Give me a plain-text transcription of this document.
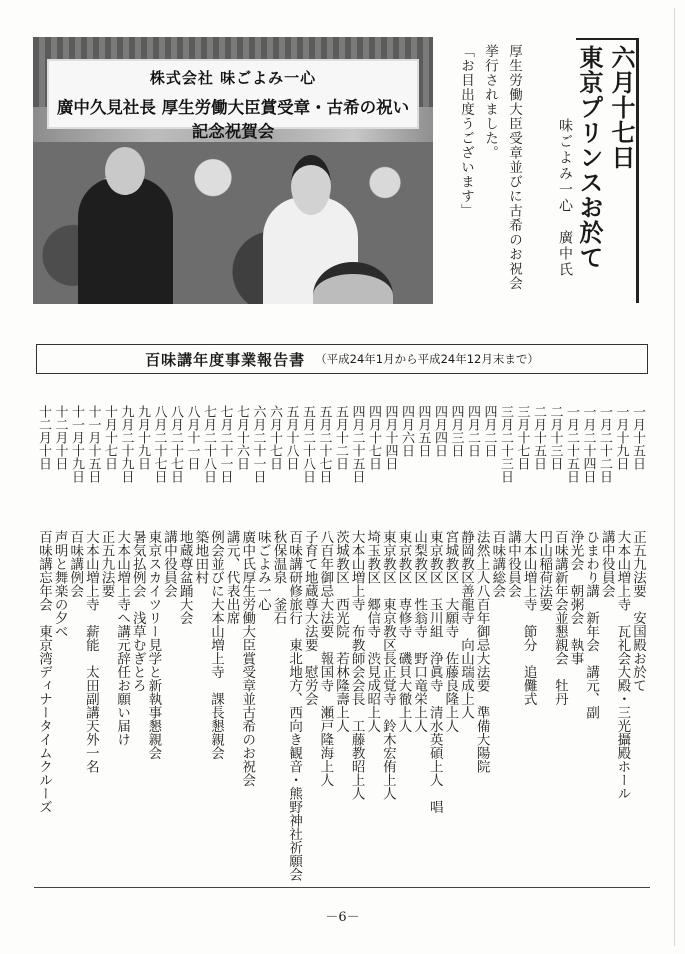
株式会社 味ごよみ一心
廣中久見社長 厚生労働大臣賞受章・古希の祝い記念祝賀会	六月十七日
東京プリンスお於て
味ごよみ一心　廣中氏
厚生労働大臣受章並びに古希のお祝会
挙行されました。
「お目出度うございます」
百味講年度事業報告書 （平成24年1月から平成24年12月末まで）
一月十五日
一月十九日
一月二十二日
一月二十四日
一月二十五日
二月十三日
二月十五日
三月十七日
三月二十三日
四月二日
四月二日
四月三日
四月四日
四月五日
四月六日
四月十四日
四月十七日
四月二十五日
五月十二日
五月二十七日
五月二十八日
五月十八日
六月十七日
六月二十一日
七月十六日
七月二十一日
七月二十八日
八月十一日
八月二十七日
八月二十七日
九月十九日
九月二十九日
十月十七日
十一月十五日
十一月十九日
十二月十日
十二月十日
正五九法要　安国殿お於て
大本山増上寺　瓦礼会大殿・三光攝殿ホール
講中役員会
ひまわり講　新年会　講元、副
浄光会　朝粥会　執事
百味講新年会並懇親会　牡丹
円山稲荷法要
大本山増上寺　節分　追儺式
講中役員会
百味講総会
法然上人八百年御忌大法要　準備大陽院
静岡教区善龍寺　向山瑞成上人
宮城教区　大願寺　佐藤良隆上人
東京教区　玉川組　浄眞寺　清水英碩上人　唱
山梨教区　性翁寺　野口竜栄上人
東京教区　専修寺　磯貝大徹上人
東京教区　東京教区長正覚寺　鈴木宏侑上人
埼玉教区　郷信寺　渋見成昭上人
大本山増上寺　布教師会会長　工藤教昭上人
茨城教区　西光院　若林隆壽上人
八百年御忌大法要　報国寺　瀬戸隆海上人
子育て地蔵尊大法要　慰労会
百味講研修旅行　東北地方、西向き観音・熊野神社祈願会
秋保温泉　釜石
味ごよみ一心
廣中氏厚生労働大臣賞受章並古希のお祝会
講元、代表出席
例会並びに大本山増上寺　課長懇親会
築地田村
地蔵尊盆踊大会
講中役員会
東京スカイツリー見学と新執事懇親会
暑気払例会　浅草むぎとろ
大本山増上寺へ講元辞任お願い届け
正五九法要
大本山増上寺　薪能　太田副講天外一名
百味講例会
声明と舞楽の夕べ
百味講忘年会　東京湾ディナータイムクルーズ
－6－
